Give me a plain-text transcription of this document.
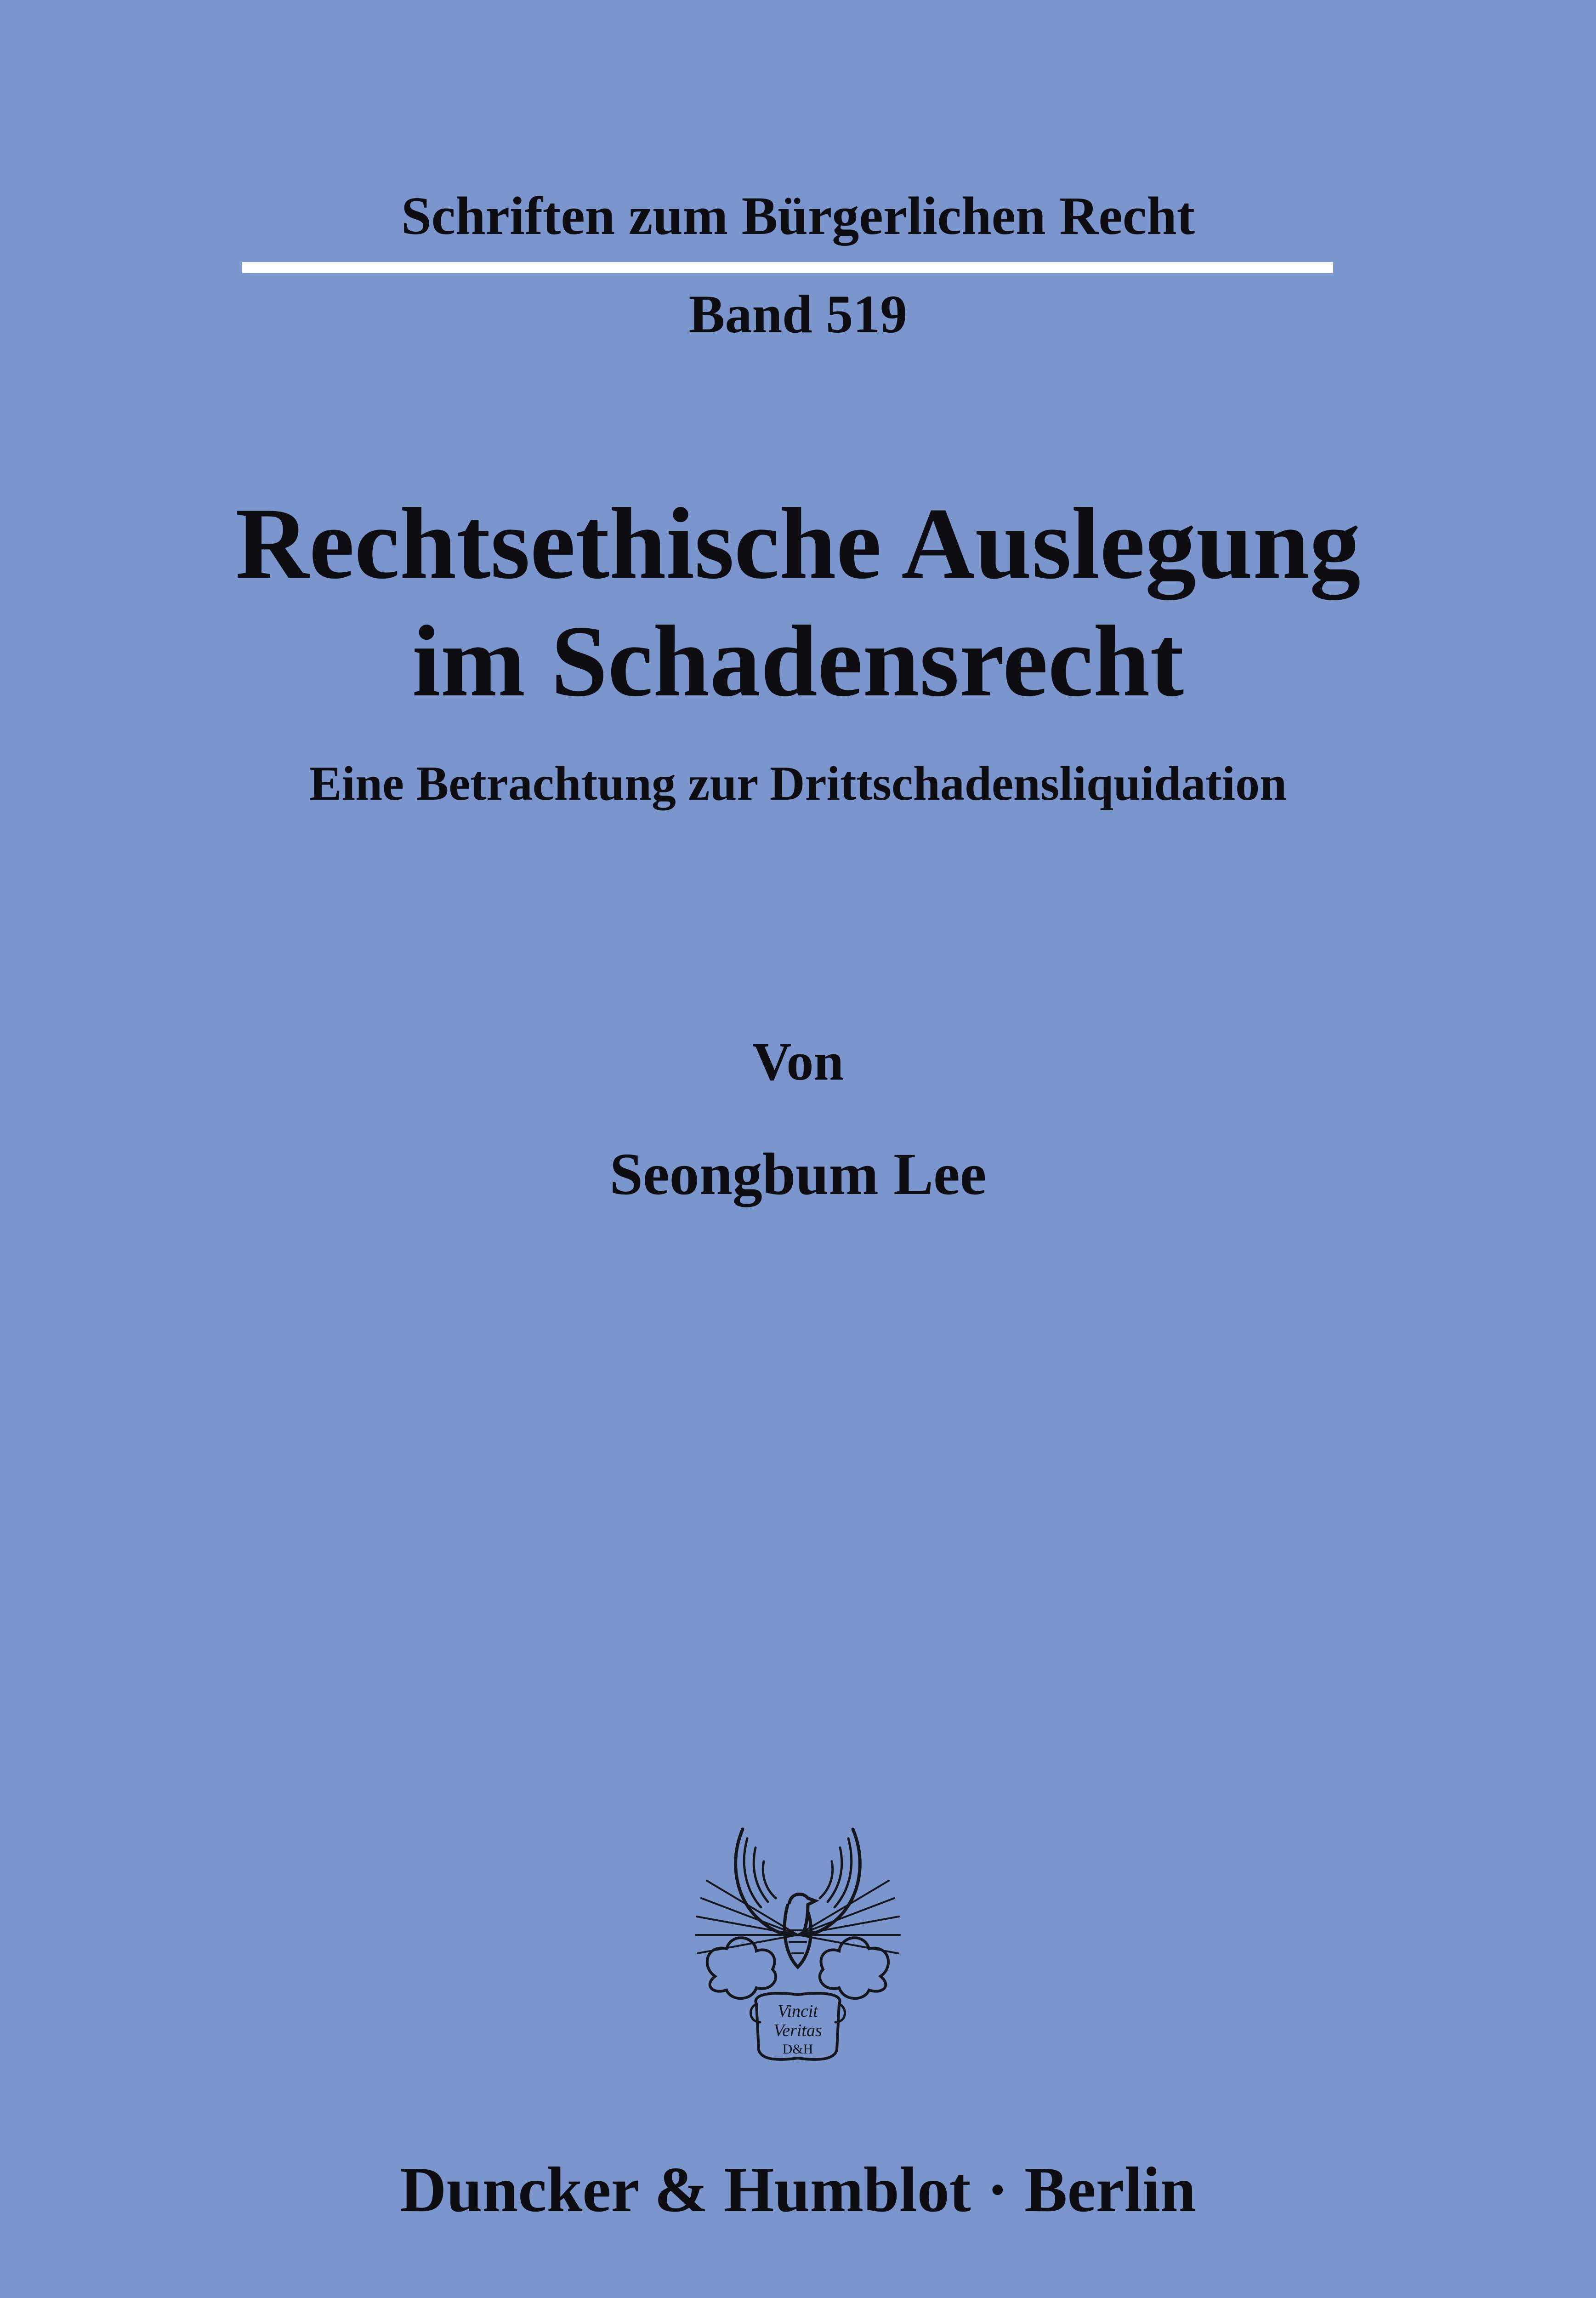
Schriften zum Bürgerlichen Recht
Band 519
Rechtsethische Auslegung
im Schadensrecht
Eine Betrachtung zur Drittschadensliquidation
Von
Seongbum Lee
Vincit
Veritas
D&H
Duncker & Humblot · Berlin
